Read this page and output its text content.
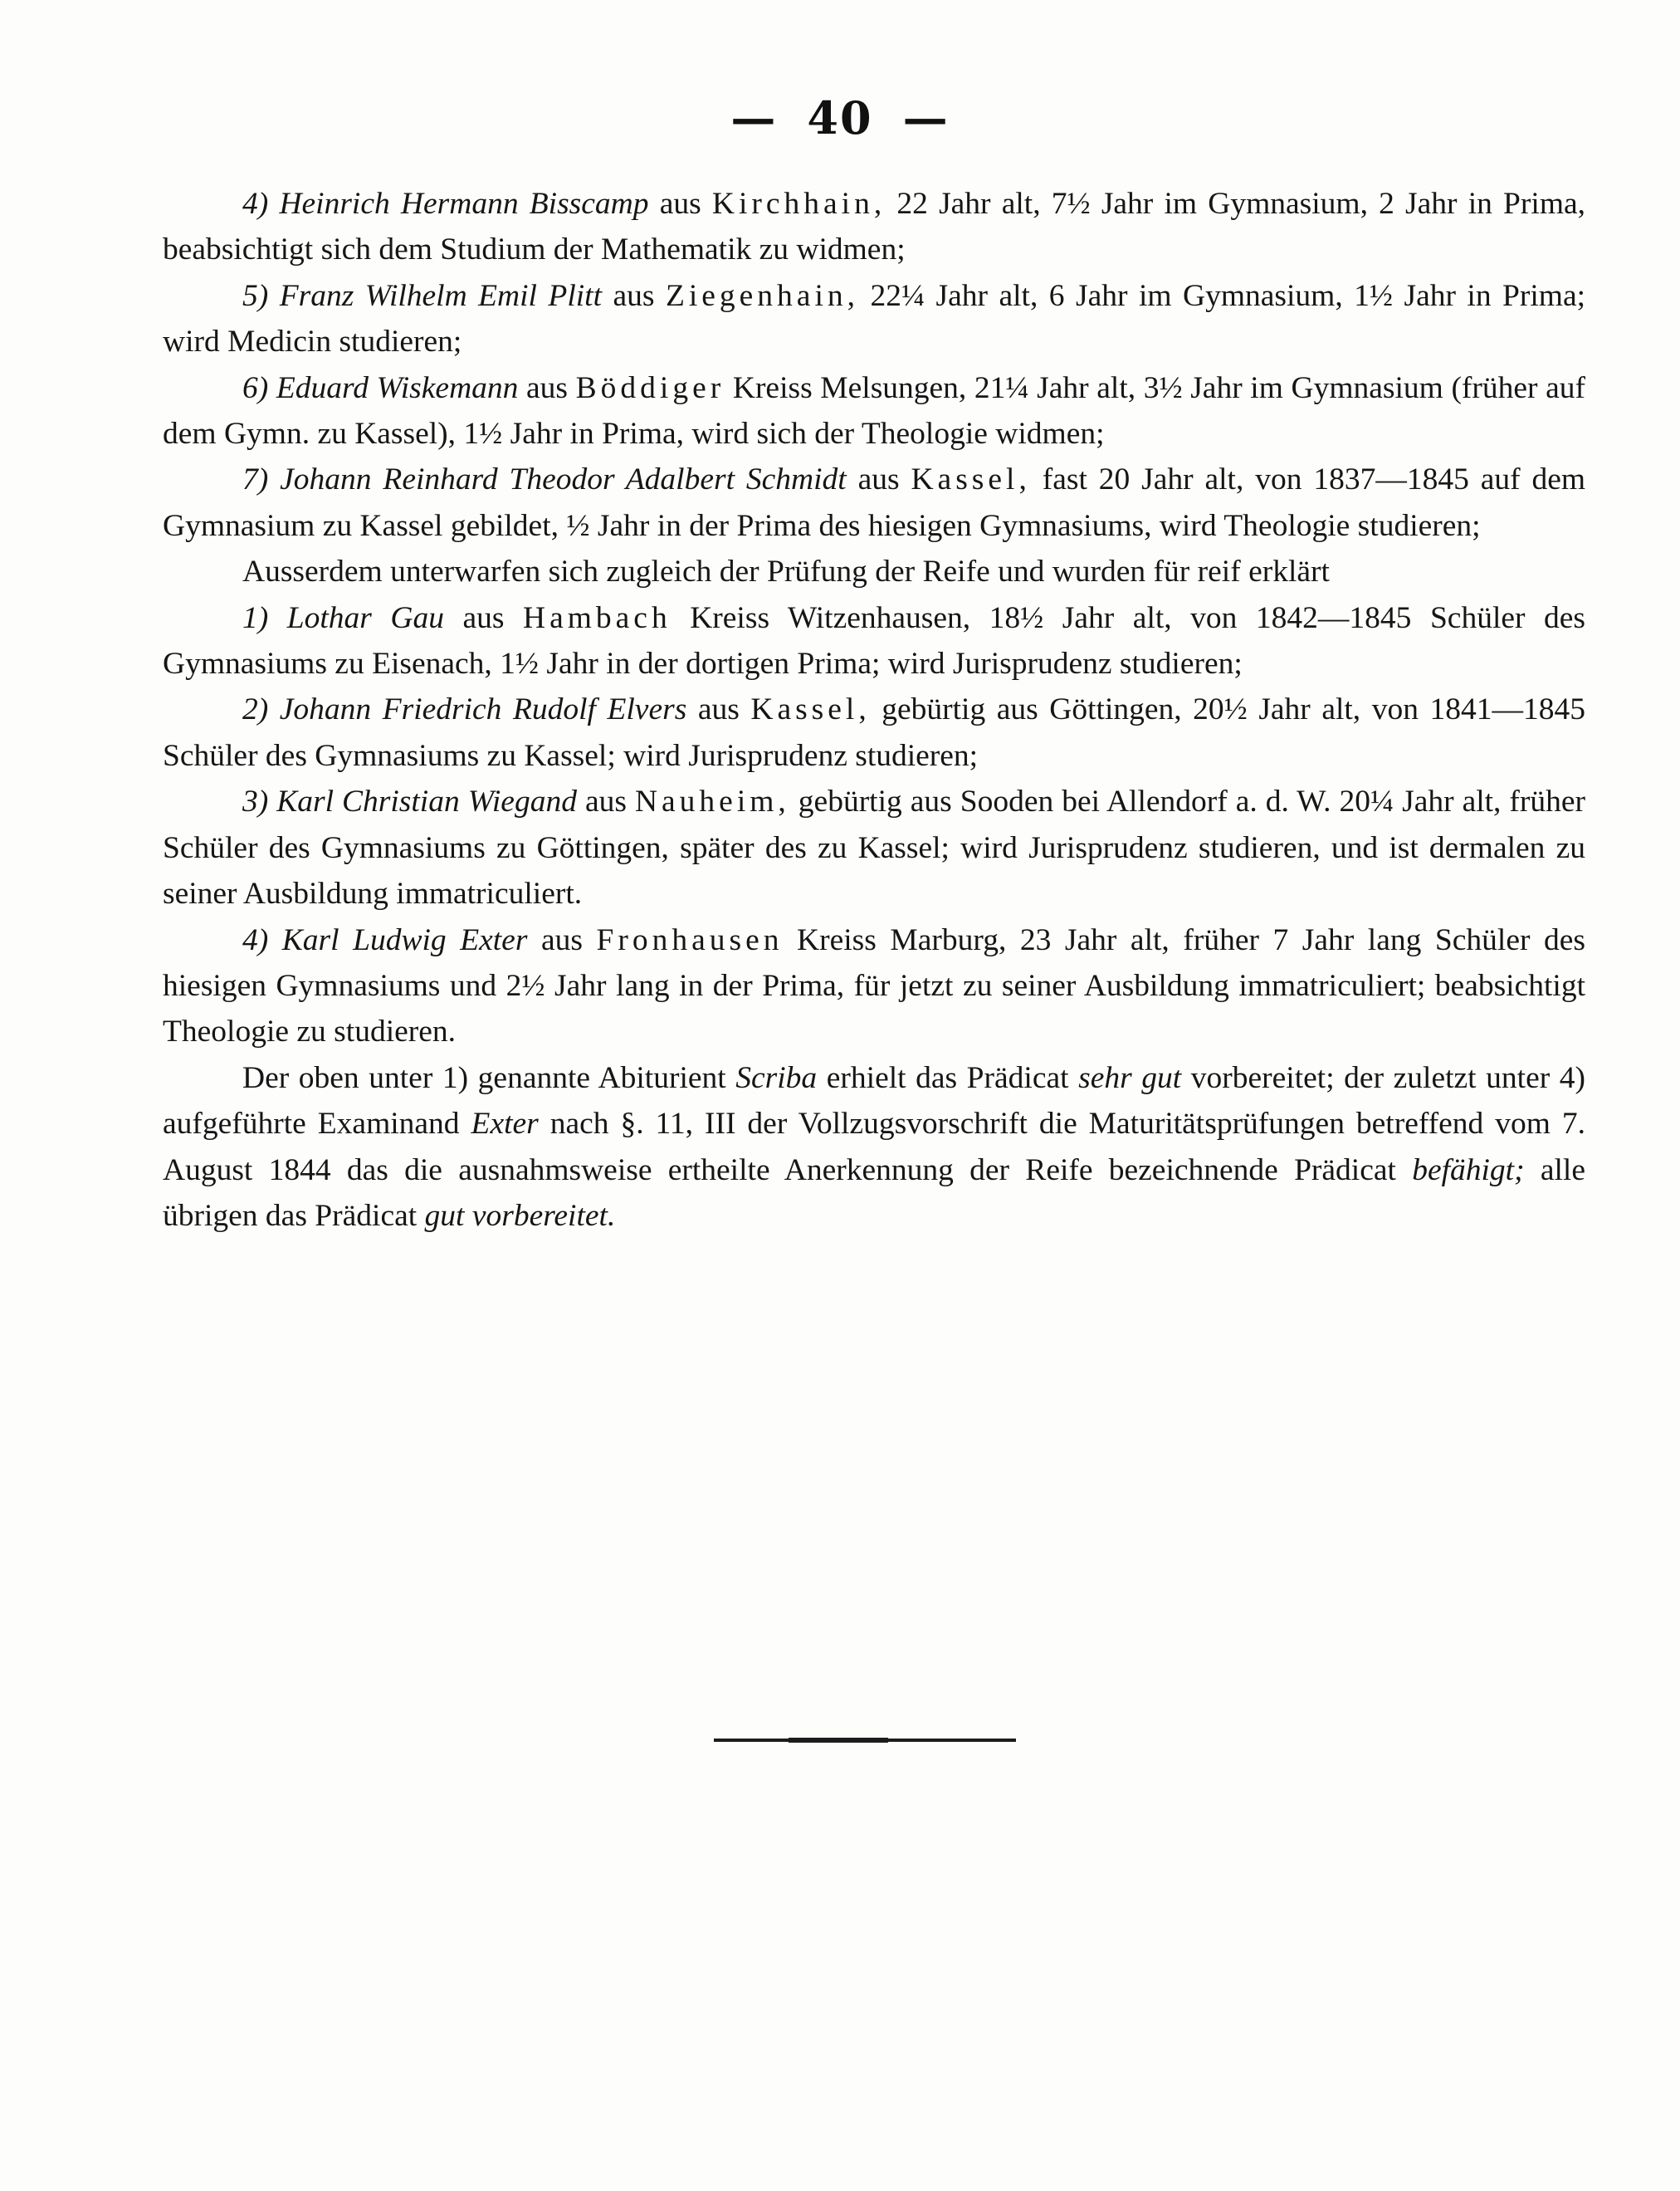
— 40 —

4) Heinrich Hermann Bisscamp aus Kirchhain, 22 Jahr alt, 7½ Jahr im Gymnasium, 2 Jahr in Prima, beabsichtigt sich dem Studium der Mathematik zu widmen;

5) Franz Wilhelm Emil Plitt aus Ziegenhain, 22¼ Jahr alt, 6 Jahr im Gymnasium, 1½ Jahr in Prima; wird Medicin studieren;

6) Eduard Wiskemann aus Böddiger Kreiss Melsungen, 21¼ Jahr alt, 3½ Jahr im Gymnasium (früher auf dem Gymn. zu Kassel), 1½ Jahr in Prima, wird sich der Theologie widmen;

7) Johann Reinhard Theodor Adalbert Schmidt aus Kassel, fast 20 Jahr alt, von 1837—1845 auf dem Gymnasium zu Kassel gebildet, ½ Jahr in der Prima des hiesigen Gymnasiums, wird Theologie studieren;

Ausserdem unterwarfen sich zugleich der Prüfung der Reife und wurden für reif erklärt

1) Lothar Gau aus Hambach Kreiss Witzenhausen, 18½ Jahr alt, von 1842—1845 Schüler des Gymnasiums zu Eisenach, 1½ Jahr in der dortigen Prima; wird Jurisprudenz studieren;

2) Johann Friedrich Rudolf Elvers aus Kassel, gebürtig aus Göttingen, 20½ Jahr alt, von 1841—1845 Schüler des Gymnasiums zu Kassel; wird Jurisprudenz studieren;

3) Karl Christian Wiegand aus Nauheim, gebürtig aus Sooden bei Allendorf a. d. W. 20¼ Jahr alt, früher Schüler des Gymnasiums zu Göttingen, später des zu Kassel; wird Jurisprudenz studieren, und ist dermalen zu seiner Ausbildung immatriculiert.

4) Karl Ludwig Exter aus Fronhausen Kreiss Marburg, 23 Jahr alt, früher 7 Jahr lang Schüler des hiesigen Gymnasiums und 2½ Jahr lang in der Prima, für jetzt zu seiner Ausbildung immatriculiert; beabsichtigt Theologie zu studieren.

Der oben unter 1) genannte Abiturient Scriba erhielt das Prädicat sehr gut vorbereitet; der zuletzt unter 4) aufgeführte Examinand Exter nach §. 11, III der Vollzugsvorschrift die Maturitätsprüfungen betreffend vom 7. August 1844 das die ausnahmsweise ertheilte Anerkennung der Reife bezeichnende Prädicat befähigt; alle übrigen das Prädicat gut vorbereitet.
